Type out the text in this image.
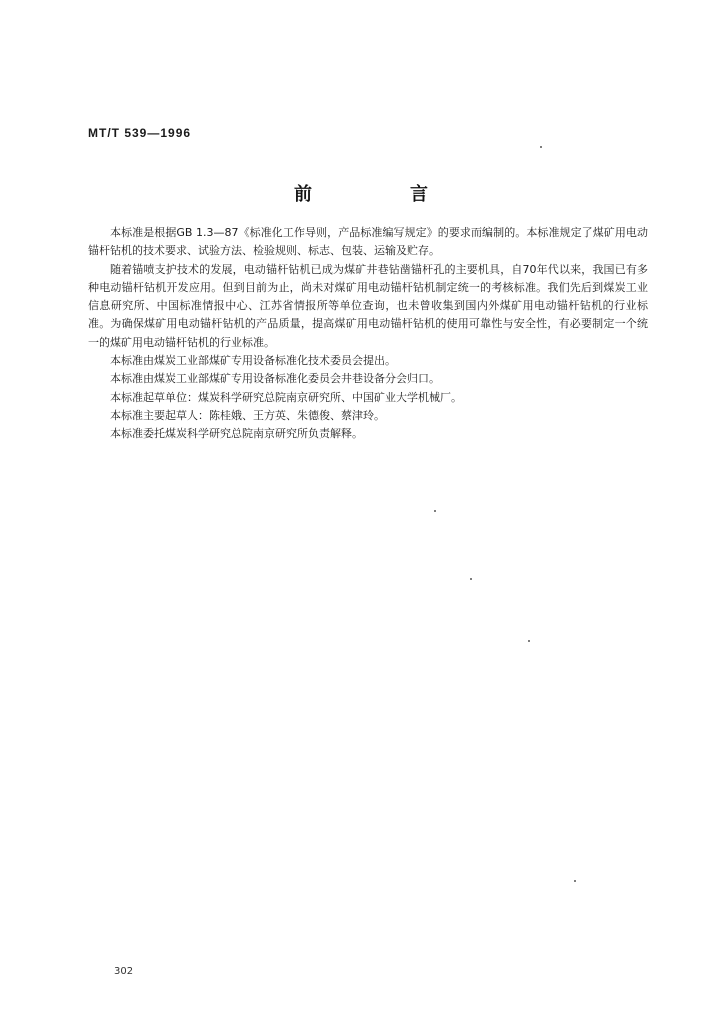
MT/T 539—1996
前　言

本标准是根据GB 1.3—87《标准化工作导则，产品标准编写规定》的要求而编制的。本标准规定了煤矿用电动锚杆钻机的技术要求、试验方法、检验规则、标志、包装、运输及贮存。

随着锚喷支护技术的发展，电动锚杆钻机已成为煤矿井巷钻凿锚杆孔的主要机具，自70年代以来，我国已有多种电动锚杆钻机开发应用。但到目前为止，尚未对煤矿用电动锚杆钻机制定统一的考核标准。我们先后到煤炭工业信息研究所、中国标准情报中心、江苏省情报所等单位查询，也未曾收集到国内外煤矿用电动锚杆钻机的行业标准。为确保煤矿用电动锚杆钻机的产品质量，提高煤矿用电动锚杆钻机的使用可靠性与安全性，有必要制定一个统一的煤矿用电动锚杆钻机的行业标准。

本标准由煤炭工业部煤矿专用设备标准化技术委员会提出。

本标准由煤炭工业部煤矿专用设备标准化委员会井巷设备分会归口。

本标准起草单位：煤炭科学研究总院南京研究所、中国矿业大学机械厂。

本标准主要起草人：陈桂娥、王方英、朱德俊、蔡津玲。

本标准委托煤炭科学研究总院南京研究所负责解释。

302
